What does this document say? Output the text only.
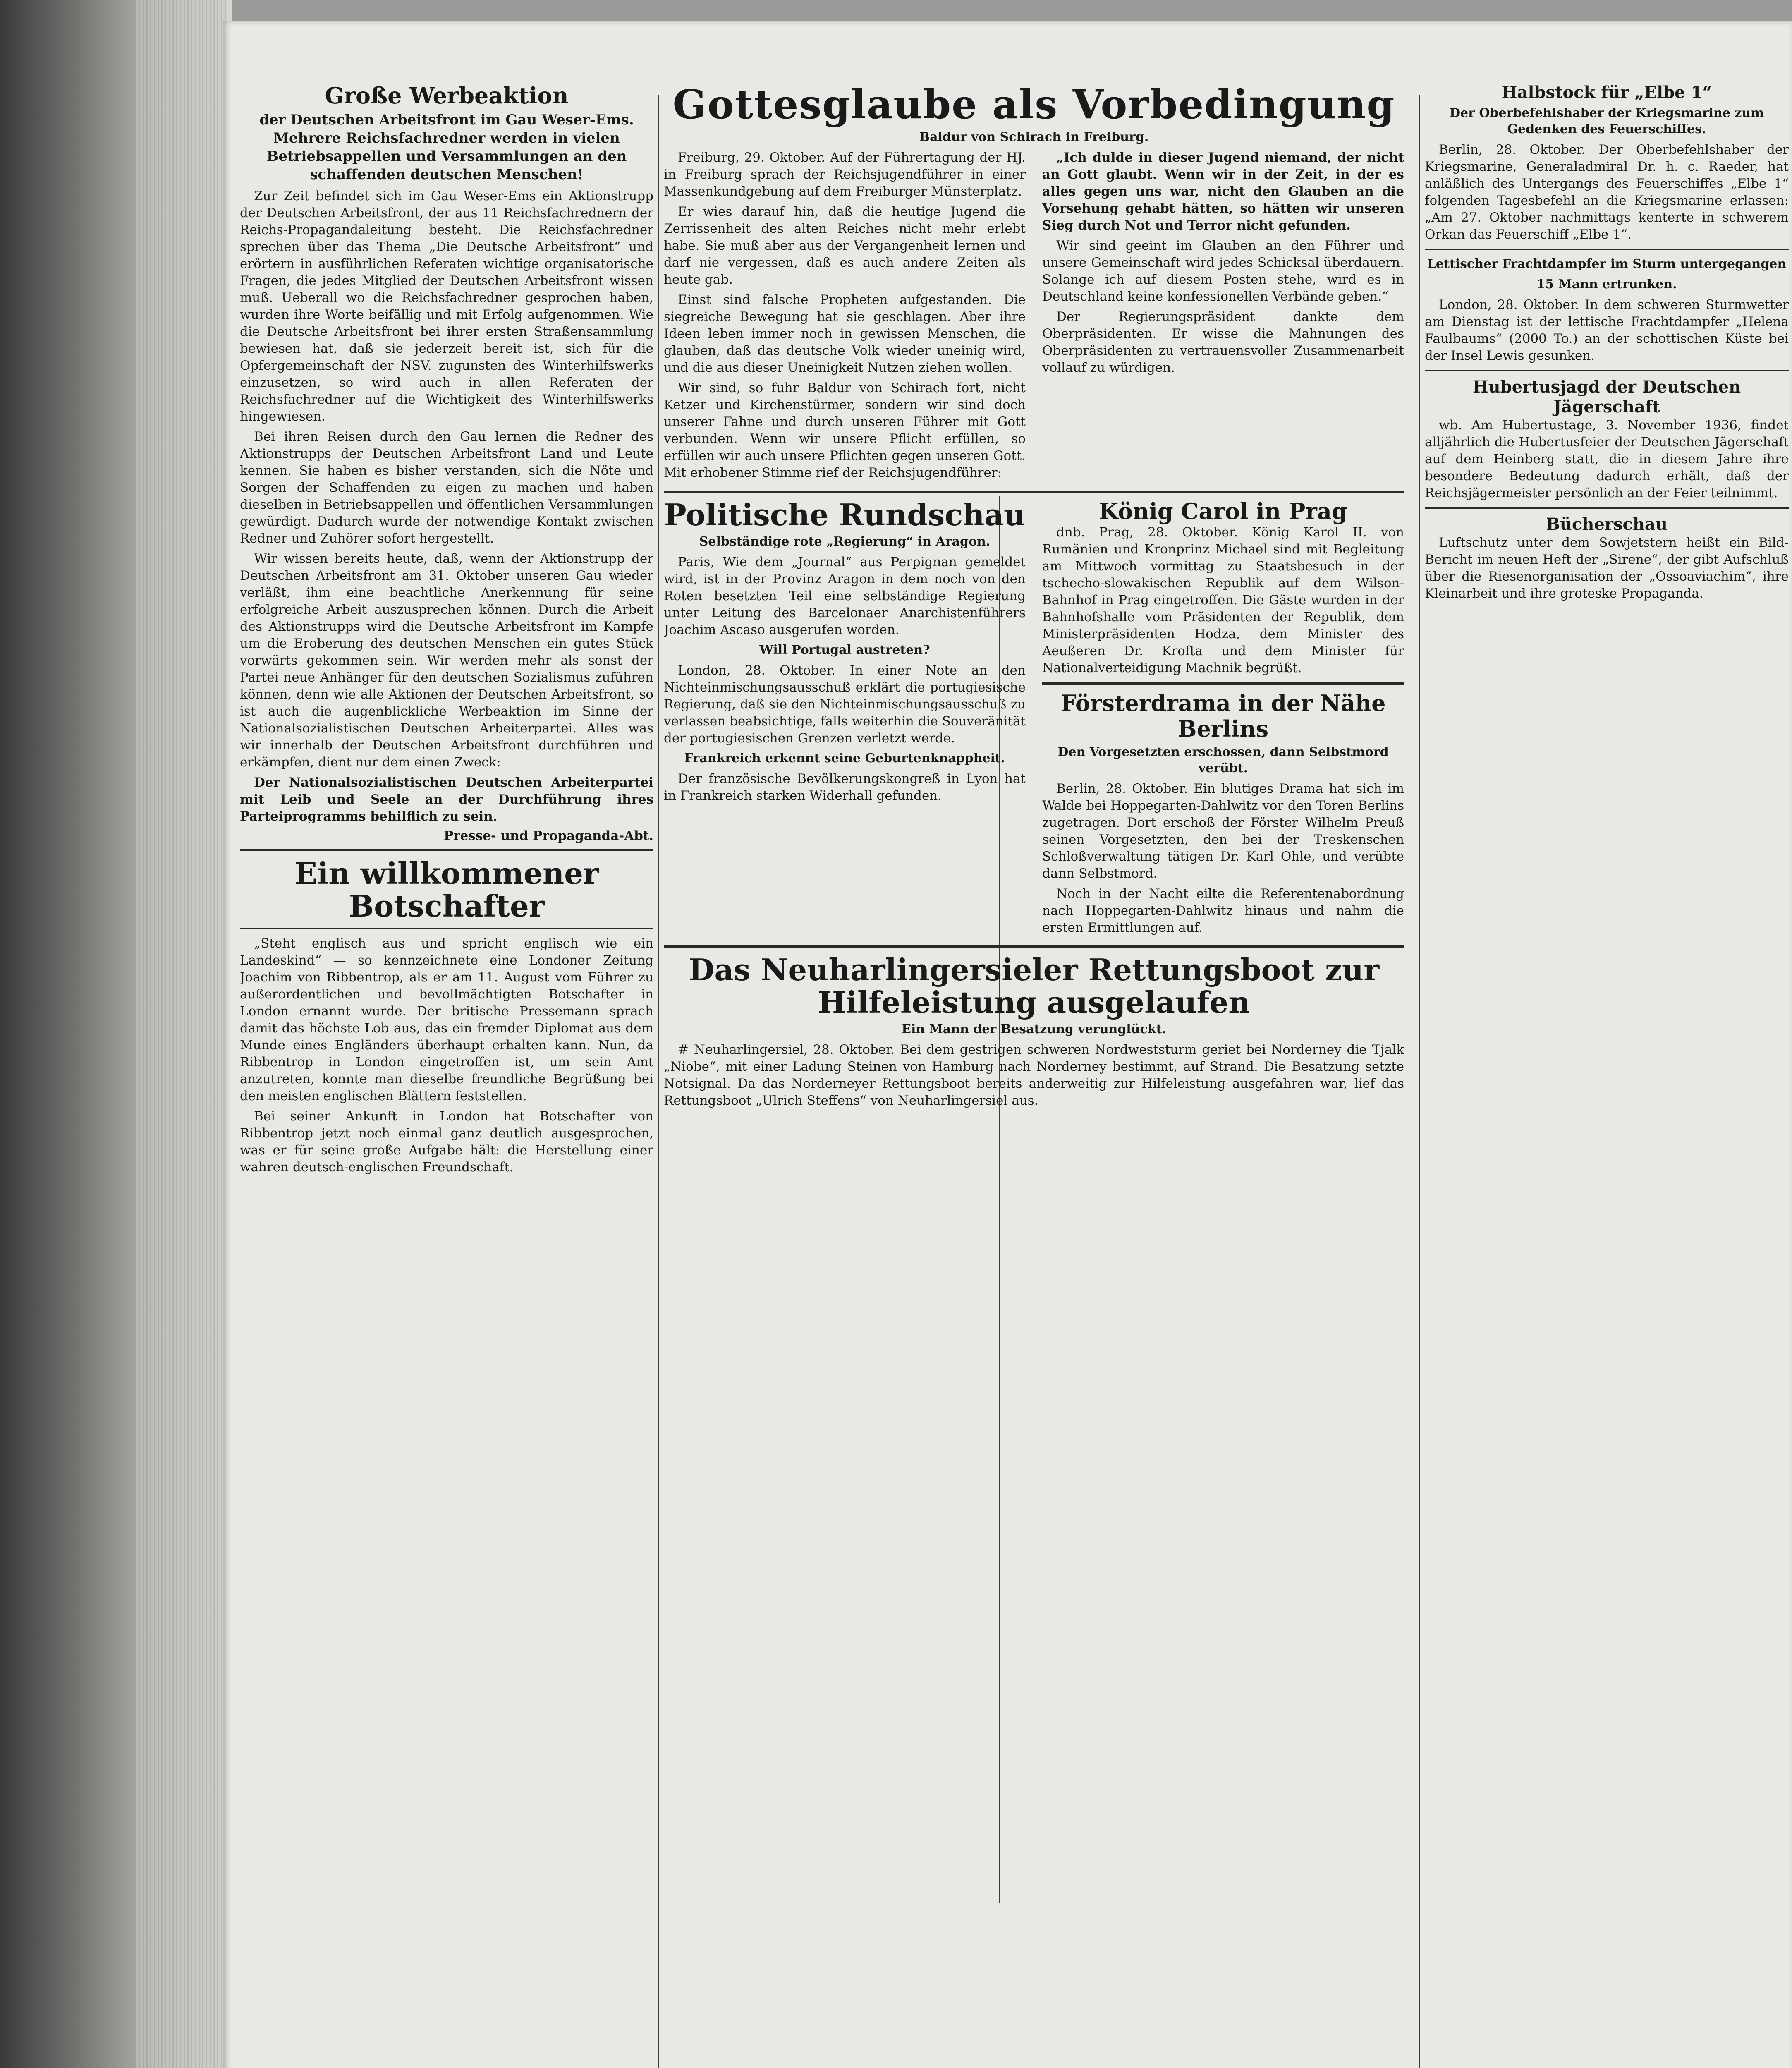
Große Werbeaktion
der Deutschen Arbeitsfront im Gau Weser-Ems. Mehrere Reichsfachredner werden in vielen Betriebsappellen und Versammlungen an den schaffenden deutschen Menschen!

Zur Zeit befindet sich im Gau Weser-Ems ein Aktionstrupp der Deutschen Arbeitsfront, der aus 11 Reichsfachrednern der Reichs-Propagandaleitung besteht. Die Reichsfachredner sprechen über das Thema „Die Deutsche Arbeitsfront“ und erörtern in ausführlichen Referaten wichtige organisatorische Fragen, die jedes Mitglied der Deutschen Arbeitsfront wissen muß. Ueberall wo die Reichsfachredner gesprochen haben, wurden ihre Worte beifällig und mit Erfolg aufgenommen. Wie die Deutsche Arbeitsfront bei ihrer ersten Straßensammlung bewiesen hat, daß sie jederzeit bereit ist, sich für die Opfergemeinschaft der NSV. zugunsten des Winterhilfswerks einzusetzen, so wird auch in allen Referaten der Reichsfachredner auf die Wichtigkeit des Winterhilfswerks hingewiesen.

Bei ihren Reisen durch den Gau lernen die Redner des Aktionstrupps der Deutschen Arbeitsfront Land und Leute kennen. Sie haben es bisher verstanden, sich die Nöte und Sorgen der Schaffenden zu eigen zu machen und haben dieselben in Betriebsappellen und öffentlichen Versammlungen gewürdigt. Dadurch wurde der notwendige Kontakt zwischen Redner und Zuhörer sofort hergestellt.

Wir wissen bereits heute, daß, wenn der Aktionstrupp der Deutschen Arbeitsfront am 31. Oktober unseren Gau wieder verläßt, ihm eine beachtliche Anerkennung für seine erfolgreiche Arbeit auszusprechen können. Durch die Arbeit des Aktionstrupps wird die Deutsche Arbeitsfront im Kampfe um die Eroberung des deutschen Menschen ein gutes Stück vorwärts gekommen sein. Wir werden mehr als sonst der Partei neue Anhänger für den deutschen Sozialismus zuführen können, denn wie alle Aktionen der Deutschen Arbeitsfront, so ist auch die augenblickliche Werbeaktion im Sinne der Nationalsozialistischen Deutschen Arbeiterpartei. Alles was wir innerhalb der Deutschen Arbeitsfront durchführen und erkämpfen, dient nur dem einen Zweck:

Der Nationalsozialistischen Deutschen Arbeiterpartei mit Leib und Seele an der Durchführung ihres Parteiprogramms behilflich zu sein.

Presse- und Propaganda-Abt.
Ein willkommener Botschafter

„Steht englisch aus und spricht englisch wie ein Landeskind“ — so kennzeichnete eine Londoner Zeitung Joachim von Ribbentrop, als er am 11. August vom Führer zu außerordentlichen und bevollmächtigten Botschafter in London ernannt wurde. Der britische Pressemann sprach damit das höchste Lob aus, das ein fremder Diplomat aus dem Munde eines Engländers überhaupt erhalten kann. Nun, da Ribbentrop in London eingetroffen ist, um sein Amt anzutreten, konnte man dieselbe freundliche Begrüßung bei den meisten englischen Blättern feststellen.

Bei seiner Ankunft in London hat Botschafter von Ribbentrop jetzt noch einmal ganz deutlich ausgesprochen, was er für seine große Aufgabe hält: die Herstellung einer wahren deutsch-englischen Freundschaft.

Gottesglaube als Vorbedingung
Baldur von Schirach in Freiburg.

Freiburg, 29. Oktober. Auf der Führertagung der HJ. in Freiburg sprach der Reichsjugendführer in einer Massenkundgebung auf dem Freiburger Münsterplatz.

Er wies darauf hin, daß die heutige Jugend die Zerrissenheit des alten Reiches nicht mehr erlebt habe. Sie muß aber aus der Vergangenheit lernen und darf nie vergessen, daß es auch andere Zeiten als heute gab.

Einst sind falsche Propheten aufgestanden. Die siegreiche Bewegung hat sie geschlagen. Aber ihre Ideen leben immer noch in gewissen Menschen, die glauben, daß das deutsche Volk wieder uneinig wird, und die aus dieser Uneinigkeit Nutzen ziehen wollen.

Wir sind, so fuhr Baldur von Schirach fort, nicht Ketzer und Kirchenstürmer, sondern wir sind doch unserer Fahne und durch unseren Führer mit Gott verbunden. Wenn wir unsere Pflicht erfüllen, so erfüllen wir auch unsere Pflichten gegen unseren Gott. Mit erhobener Stimme rief der Reichsjugendführer:

„Ich dulde in dieser Jugend niemand, der nicht an Gott glaubt. Wenn wir in der Zeit, in der es alles gegen uns war, nicht den Glauben an die Vorsehung gehabt hätten, so hätten wir unseren Sieg durch Not und Terror nicht gefunden.

Wir sind geeint im Glauben an den Führer und unsere Gemeinschaft wird jedes Schicksal überdauern. Solange ich auf diesem Posten stehe, wird es in Deutschland keine konfessionellen Verbände geben.“

Der Regierungspräsident dankte dem Oberpräsidenten. Er wisse die Mahnungen des Oberpräsidenten zu vertrauensvoller Zusammenarbeit vollauf zu würdigen.

Politische Rundschau
Selbständige rote „Regierung“ in Aragon.

Paris, Wie dem „Journal“ aus Perpignan gemeldet wird, ist in der Provinz Aragon in dem noch von den Roten besetzten Teil eine selbständige Regierung unter Leitung des Barcelonaer Anarchistenführers Joachim Ascaso ausgerufen worden.

Will Portugal austreten?

London, 28. Oktober. In einer Note an den Nichteinmischungsausschuß erklärt die portugiesische Regierung, daß sie den Nichteinmischungsausschuß zu verlassen beabsichtige, falls weiterhin die Souveränität der portugiesischen Grenzen verletzt werde.

Frankreich erkennt seine Geburtenknappheit.

Der französische Bevölkerungskongreß in Lyon hat in Frankreich starken Widerhall gefunden.

König Carol in Prag

dnb. Prag, 28. Oktober. König Karol II. von Rumänien und Kronprinz Michael sind mit Begleitung am Mittwoch vormittag zu Staatsbesuch in der tschecho-slowakischen Republik auf dem Wilson-Bahnhof in Prag eingetroffen. Die Gäste wurden in der Bahnhofshalle vom Präsidenten der Republik, dem Ministerpräsidenten Hodza, dem Minister des Aeußeren Dr. Krofta und dem Minister für Nationalverteidigung Machnik begrüßt.

Försterdrama in der Nähe Berlins
Den Vorgesetzten erschossen, dann Selbstmord verübt.

Berlin, 28. Oktober. Ein blutiges Drama hat sich im Walde bei Hoppegarten-Dahlwitz vor den Toren Berlins zugetragen. Dort erschoß der Förster Wilhelm Preuß seinen Vorgesetzten, den bei der Treskenschen Schloßverwaltung tätigen Dr. Karl Ohle, und verübte dann Selbstmord.

Noch in der Nacht eilte die Referentenabordnung nach Hoppegarten-Dahlwitz hinaus und nahm die ersten Ermittlungen auf.

Das Neuharlingersieler Rettungsboot zur Hilfeleistung ausgelaufen
Ein Mann der Besatzung verunglückt.

# Neuharlingersiel, 28. Oktober. Bei dem gestrigen schweren Nordweststurm geriet bei Norderney die Tjalk „Niobe“, mit einer Ladung Steinen von Hamburg nach Norderney bestimmt, auf Strand. Die Besatzung setzte Notsignal. Da das Norderneyer Rettungsboot bereits anderweitig zur Hilfeleistung ausgefahren war, lief das Rettungsboot „Ulrich Steffens“ von Neuharlingersiel aus.

Halbstock für „Elbe 1“
Der Oberbefehlshaber der Kriegsmarine zum Gedenken des Feuerschiffes.

Berlin, 28. Oktober. Der Oberbefehlshaber der Kriegsmarine, Generaladmiral Dr. h. c. Raeder, hat anläßlich des Untergangs des Feuerschiffes „Elbe 1“ folgenden Tagesbefehl an die Kriegsmarine erlassen: „Am 27. Oktober nachmittags kenterte in schwerem Orkan das Feuerschiff „Elbe 1“.

Lettischer Frachtdampfer im Sturm untergegangen
15 Mann ertrunken.

London, 28. Oktober. In dem schweren Sturmwetter am Dienstag ist der lettische Frachtdampfer „Helena Faulbaums“ (2000 To.) an der schottischen Küste bei der Insel Lewis gesunken.

Hubertusjagd der Deutschen Jägerschaft

wb. Am Hubertustage, 3. November 1936, findet alljährlich die Hubertusfeier der Deutschen Jägerschaft auf dem Heinberg statt, die in diesem Jahre ihre besondere Bedeutung dadurch erhält, daß der Reichsjägermeister persönlich an der Feier teilnimmt.

Bücherschau

Luftschutz unter dem Sowjetstern heißt ein Bild-Bericht im neuen Heft der „Sirene“, der gibt Aufschluß über die Riesenorganisation der „Ossoaviachim“, ihre Kleinarbeit und ihre groteske Propaganda.
